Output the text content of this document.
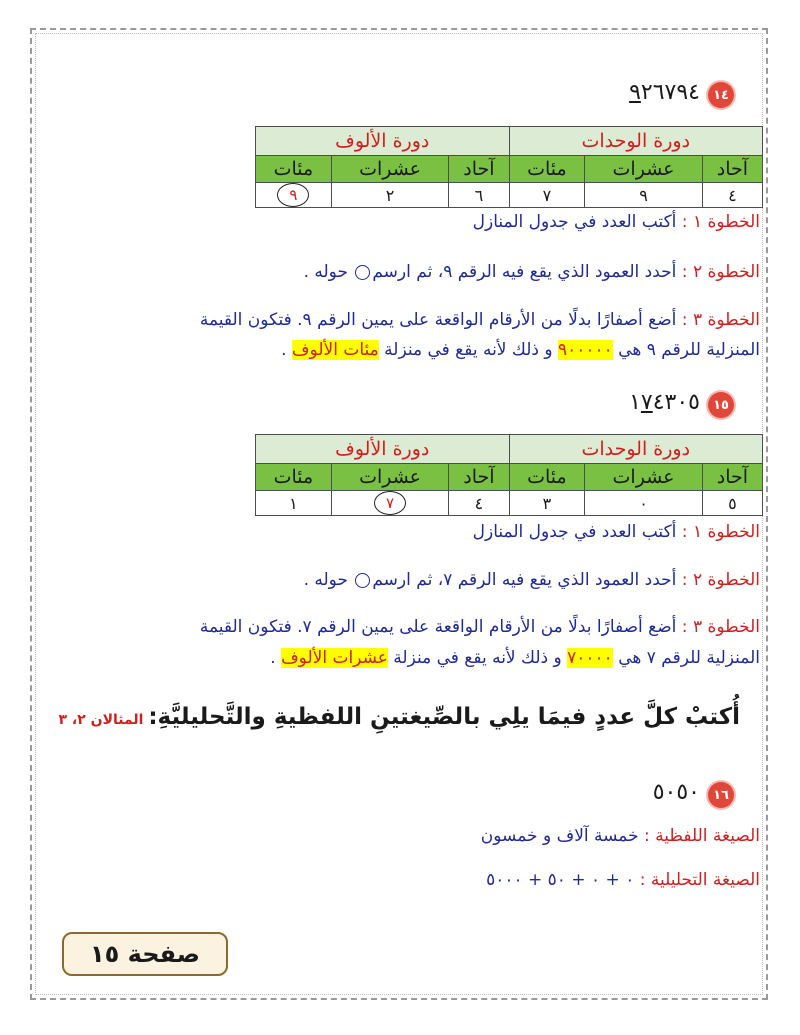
١٤
٩٢٦٧٩٤
دورة الوحدات			دورة الألوف		
آحاد	عشرات	مئات	آحاد	عشرات	مئات
٤	٩	٧	٦	٢	٩
الخطوة ١ : أكتب العدد في جدول المنازل
الخطوة ٢ : أحدد العمود الذي يقع فيه الرقم ٩، ثم ارسم حوله .
الخطوة ٣ : أضع أصفارًا بدلًا من الأرقام الواقعة على يمين الرقم ٩. فتكون القيمة
المنزلية للرقم ٩ هي ٩٠٠٠٠٠ و ذلك لأنه يقع في منزلة مئات الألوف .
١٥
١٧٤٣٠٥
دورة الوحدات			دورة الألوف		
آحاد	عشرات	مئات	آحاد	عشرات	مئات
٥	٠	٣	٤	٧	١
الخطوة ١ : أكتب العدد في جدول المنازل
الخطوة ٢ : أحدد العمود الذي يقع فيه الرقم ٧، ثم ارسم حوله .
الخطوة ٣ : أضع أصفارًا بدلًا من الأرقام الواقعة على يمين الرقم ٧. فتكون القيمة
المنزلية للرقم ٧ هي ٧٠٠٠٠ و ذلك لأنه يقع في منزلة عشرات الألوف .
أُكتبْ كلَّ عددٍ فيمَا يلِي بالصِّيغتينِ اللفظيةِ والتَّحليليَّةِ: المثالان ٢، ٣
١٦
٥٠٥٠
الصيغة اللفظية : خمسة آلاف و خمسون
الصيغة التحليلية : ٠ + ٠ + ٥٠ + ٥٠٠٠
صفحة ١٥
